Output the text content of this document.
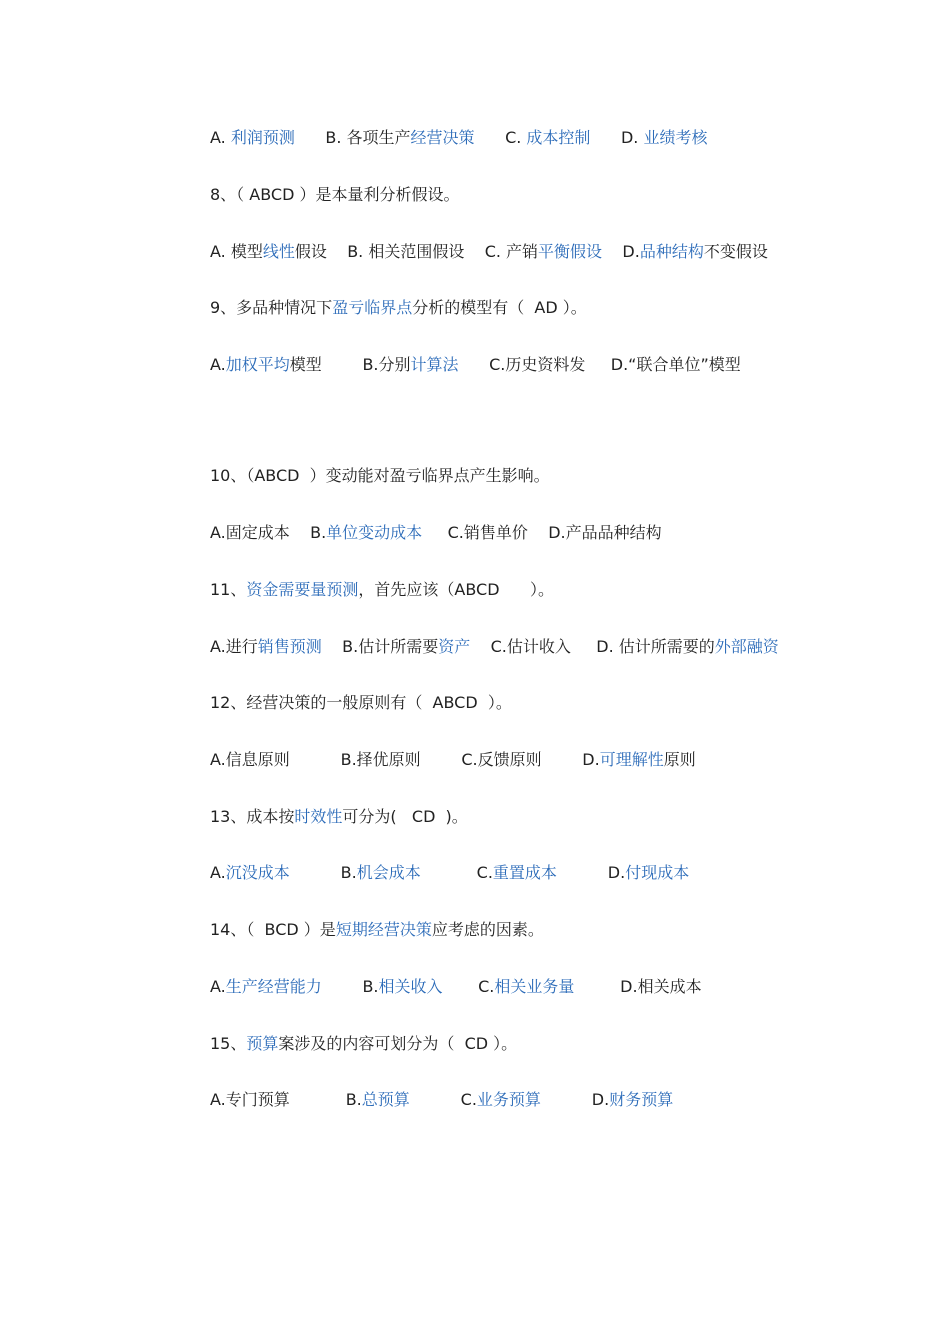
A. 利润预测      B. 各项生产经营决策      C. 成本控制      D. 业绩考核
8、（ ABCD ）是本量利分析假设。
A. 模型线性假设    B. 相关范围假设    C. 产销平衡假设    D.品种结构不变假设
9、多品种情况下盈亏临界点分析的模型有（  AD ）。
A.加权平均模型        B.分别计算法      C.历史资料发     D.“联合单位”模型
10、（ABCD  ）变动能对盈亏临界点产生影响。
A.固定成本    B.单位变动成本     C.销售单价    D.产品品种结构
11、资金需要量预测，首先应该（ABCD      ）。
A.进行销售预测    B.估计所需要资产    C.估计收入     D. 估计所需要的外部融资
12、经营决策的一般原则有（  ABCD  ）。
A.信息原则          B.择优原则        C.反馈原则        D.可理解性原则
13、成本按时效性可分为(   CD  )。
A.沉没成本          B.机会成本           C.重置成本          D.付现成本
14、（  BCD ）是短期经营决策应考虑的因素。
A.生产经营能力        B.相关收入       C.相关业务量         D.相关成本
15、预算案涉及的内容可划分为（  CD ）。
A.专门预算           B.总预算          C.业务预算          D.财务预算
